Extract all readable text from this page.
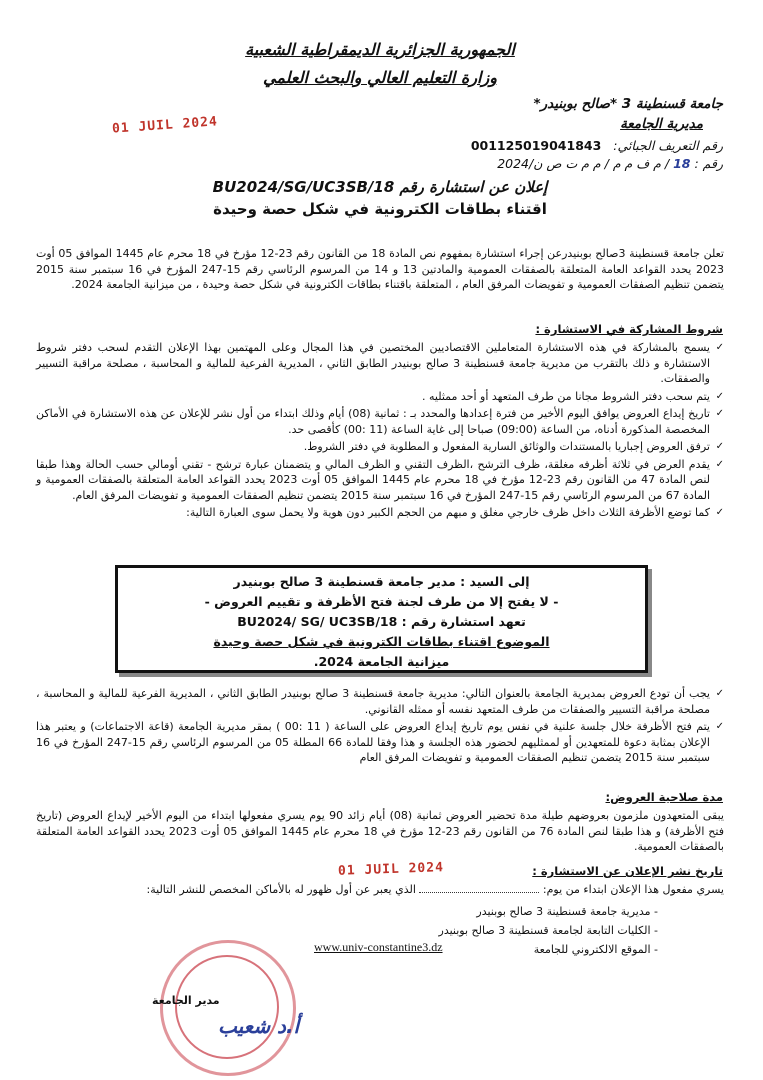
الجمهورية الجزائرية الديمقراطية الشعبية
وزارة التعليم العالي والبحث العلمي
جامعة قسنطينة 3 *صالح بوبنيدر*
مديرية الجامعة
01 JUIL 2024
رقم التعريف الجبائي: 001125019041843
رقم : 18 / م ف م م / م م ت ص ن/2024
إعلان عن استشارة رقم BU2024/SG/UC3SB/18
اقتناء بطاقات الكترونية في شكل حصة وحيدة
تعلن جامعة قسنطينة 3صالح بوبنيدرعن إجراء استشارة بمفهوم نص المادة 18 من القانون رقم 23-12 مؤرخ في 18 محرم عام 1445 الموافق 05 أوت 2023 يحدد القواعد العامة المتعلقة بالصفقات العمومية والمادتين 13 و 14 من المرسوم الرئاسي رقم 15-247 المؤرخ في 16 سبتمبر سنة 2015 يتضمن تنظيم الصفقات العمومية و تفويضات المرفق العام ، المتعلقة باقتناء بطاقات الكترونية في شكل حصة وحيدة ، من ميزانية الجامعة 2024.
شروط المشاركة في الاستشارة :
✓ يسمح بالمشاركة في هذه الاستشارة المتعاملين الاقتصاديين المختصين في هذا المجال وعلى المهتمين بهذا الإعلان التقدم لسحب دفتر شروط الاستشارة و ذلك بالتقرب من مديرية جامعة قسنطينة 3 صالح بوبنيدر الطابق الثاني ، المديرية الفرعية للمالية و المحاسبة ، مصلحة مراقبة التسيير والصفقات.
✓ يتم سحب دفتر الشروط مجانا من طرف المتعهد أو أحد ممثليه .
✓ تاريخ إيداع العروض يوافق اليوم الأخير من فترة إعدادها والمحدد بـ : ثمانية (08) أيام وذلك ابتداء من أول نشر للإعلان عن هذه الاستشارة في الأماكن المخصصة المذكورة أدناه، من الساعة (09:00) صباحا إلى غاية الساعة (11 :00) كأقصى حد.
✓ ترفق العروض إجباريا بالمستندات والوثائق السارية المفعول و المطلوبة في دفتر الشروط.
✓ يقدم العرض في ثلاثة أظرفه مغلقة، ظرف الترشح ،الظرف التقني و الظرف المالي و يتضمنان عبارة ترشح - تقني أومالي حسب الحالة وهذا طبقا لنص المادة 47 من القانون رقم 23-12 مؤرخ في 18 محرم عام 1445 الموافق 05 أوت 2023 يحدد القواعد العامة المتعلقة بالصفقات العمومية و المادة 67 من المرسوم الرئاسي رقم 15-247 المؤرخ في 16 سبتمبر سنة 2015 يتضمن تنظيم الصفقات العمومية و تفويضات المرفق العام.
✓ كما توضع الأظرفة الثلاث داخل ظرف خارجي مغلق و مبهم من الحجم الكبير دون هوية ولا يحمل سوى العبارة التالية:
إلى السيد : مدير جامعة قسنطينة 3 صالح بوبنيدر
- لا يفتح إلا من طرف لجنة فتح الأظرفة و تقييم العروض -
تعهد استشارة رقم : BU2024/ SG/ UC3SB/18
الموضوع اقتناء بطاقات الكترونية في شكل حصة وحيدة
ميزانية الجامعة 2024.
✓ يجب أن تودع العروض بمديرية الجامعة بالعنوان التالي: مديرية جامعة قسنطينة 3 صالح بوبنيدر الطابق الثاني ، المديرية الفرعية للمالية و المحاسبة ، مصلحة مراقبة التسيير والصفقات من طرف المتعهد نفسه أو ممثله القانوني.
✓ يتم فتح الأظرفة خلال جلسة علنية في نفس يوم تاريخ إيداع العروض على الساعة ( 11 :00 ) بمقر مديرية الجامعة (قاعة الاجتماعات) و يعتبر هذا الإعلان بمثابة دعوة للمتعهدين أو لممثليهم لحضور هذه الجلسة و هذا وفقا للمادة 66 المطلة 05 من المرسوم الرئاسي رقم 15-247 المؤرخ في 16 سبتمبر سنة 2015 يتضمن تنظيم الصفقات العمومية و تفويضات المرفق العام
مدة صلاحية العروض:
يبقى المتعهدون ملزمون بعروضهم طيلة مدة تحضير العروض ثمانية (08) أيام زائد 90 يوم يسري مفعولها ابتداء من اليوم الأخير لإيداع العروض (تاريخ فتح الأظرفة) و هذا طبقا لنص المادة 76 من القانون رقم 23-12 مؤرخ في 18 محرم عام 1445 الموافق 05 أوت 2023 يحدد القواعد العامة المتعلقة بالصفقات العمومية.
تاريخ نشر الإعلان عن الاستشارة :
01 JUIL 2024
يسري مفعول هذا الإعلان ابتداء من يوم:  الذي يعبر عن أول ظهور له بالأماكن المخصص للنشر التالية:
- مديرية جامعة قسنطينة 3 صالح بوبنيدر
- الكليات التابعة لجامعة قسنطينة 3 صالح بوبنيدر
- الموقع الالكتروني للجامعة
www.univ-constantine3.dz
مدير الجامعة
أ.د شعيب
